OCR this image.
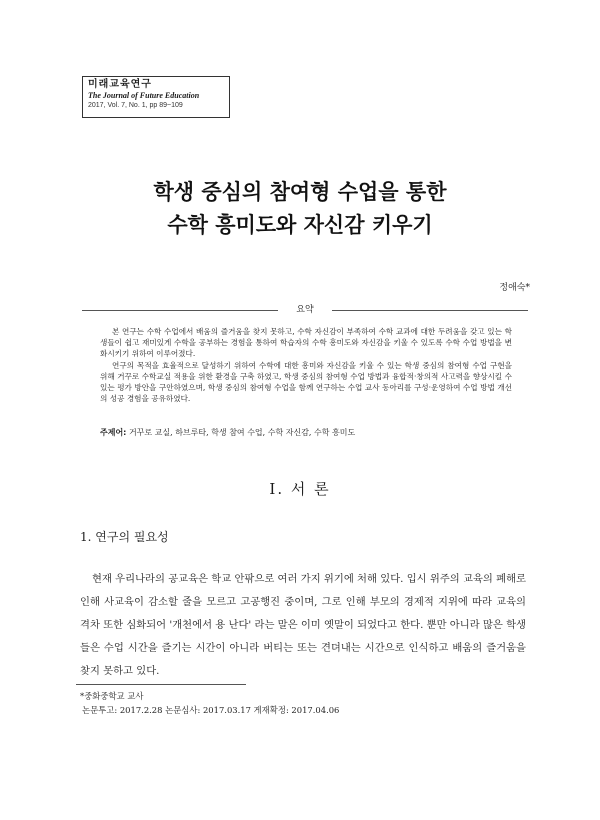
미래교육연구
The Journal of Future Education
2017, Vol. 7, No. 1, pp 89~109
학생 중심의 참여형 수업을 통한
수학 흥미도와 자신감 키우기
정애숙*
요약

본 연구는 수학 수업에서 배움의 즐거움을 찾지 못하고, 수학 자신감이 부족하여 수학 교과에 대한 두려움을 갖고 있는 학생들이 쉽고 재미있게 수학을 공부하는 경험을 통하여 학습자의 수학 흥미도와 자신감을 키울 수 있도록 수학 수업 방법을 변화시키기 위하여 이루어졌다.

연구의 목적을 효율적으로 달성하기 위하여 수학에 대한 흥미와 자신감을 키울 수 있는 학생 중심의 참여형 수업 구현을 위해 거꾸로 수학교실 적용을 위한 환경을 구축 하였고, 학생 중심의 참여형 수업 방법과 융합적·창의적 사고력을 향상시킬 수 있는 평가 방안을 구안하였으며, 학생 중심의 참여형 수업을 함께 연구하는 수업 교사 동아리를 구성·운영하여 수업 방법 개선의 성공 경험을 공유하였다.

주제어: 거꾸로 교실, 하브루타, 학생 참여 수업, 수학 자신감, 수학 흥미도
Ⅰ. 서 론
1. 연구의 필요성

현재 우리나라의 공교육은 학교 안팎으로 여러 가지 위기에 처해 있다. 입시 위주의 교육의 폐해로 인해 사교육이 감소할 줄을 모르고 고공행진 중이며, 그로 인해 부모의 경제적 지위에 따라 교육의 격차 또한 심화되어 '개천에서 용 난다' 라는 말은 이미 옛말이 되었다고 한다. 뿐만 아니라 많은 학생들은 수업 시간을 즐기는 시간이 아니라 버티는 또는 견뎌내는 시간으로 인식하고 배움의 즐거움을 찾지 못하고 있다.

*중화중학교 교사
논문투고: 2017.2.28 논문심사: 2017.03.17 게재확정: 2017.04.06
